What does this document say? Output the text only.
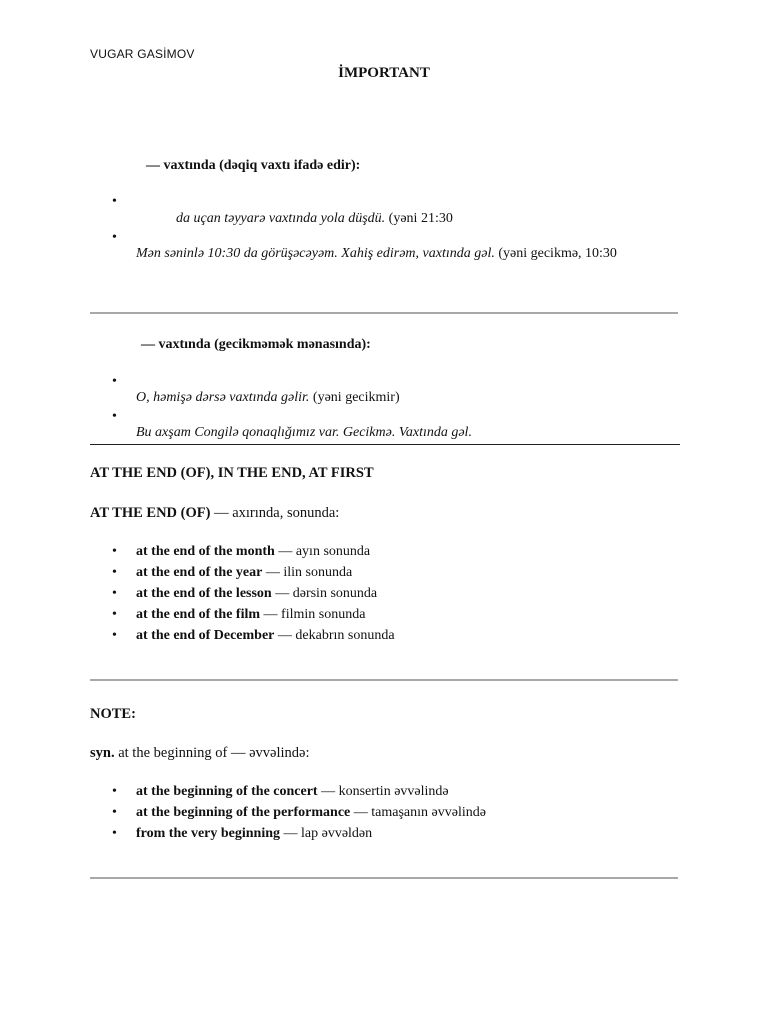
VUGAR GASİMOV
İMPORTANT
— vaxtında (dəqiq vaxtı ifadə edir):
•
da uçan təyyarə vaxtında yola düşdü. (yəni 21:30
•
Mən səninlə 10:30 da görüşəcəyəm. Xahiş edirəm, vaxtında gəl. (yəni gecikmə, 10:30
— vaxtında (gecikməmək mənasında):
•
O, həmişə dərsə vaxtında gəlir. (yəni gecikmir)
•
Bu axşam Congilə qonaqlığımız var. Gecikmə. Vaxtında gəl.
AT THE END (OF), IN THE END, AT FIRST
AT THE END (OF) — axırında, sonunda:
• at the end of the month — ayın sonunda
• at the end of the year — ilin sonunda
• at the end of the lesson — dərsin sonunda
• at the end of the film — filmin sonunda
• at the end of December — dekabrın sonunda
NOTE:
syn. at the beginning of — əvvəlində:
• at the beginning of the concert — konsertin əvvəlində
• at the beginning of the performance — tamaşanın əvvəlində
• from the very beginning — lap əvvəldən
